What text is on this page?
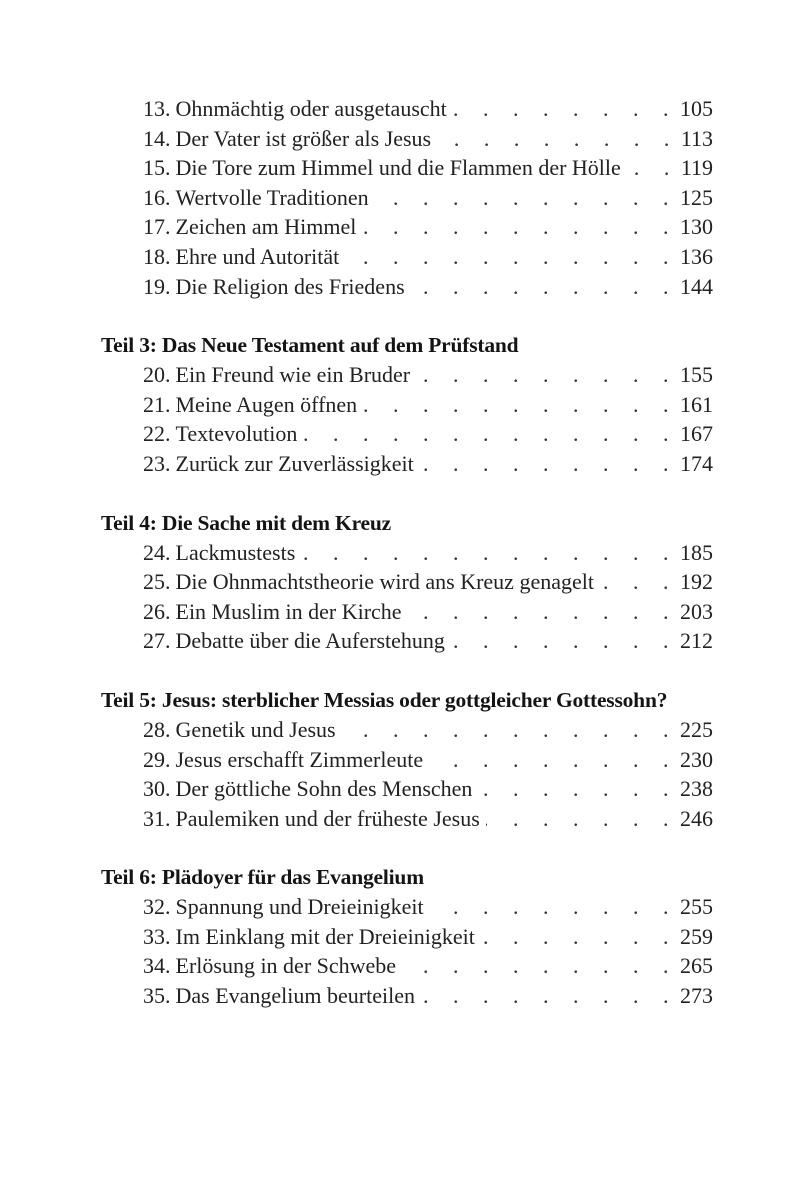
13. Ohnmächtig oder ausgetauscht . . .	105
14. Der Vater ist größer als Jesus . . .	113
15. Die Tore zum Himmel und die Flammen der Hölle . . .	119
16. Wertvolle Traditionen . . .	125
17. Zeichen am Himmel . . .	130
18. Ehre und Autorität . . .	136
19. Die Religion des Friedens . . .	144
Teil 3: Das Neue Testament auf dem Prüfstand
20. Ein Freund wie ein Bruder . . .	155
21. Meine Augen öffnen . . .	161
22. Textevolution . . .	167
23. Zurück zur Zuverlässigkeit . . .	174
Teil 4: Die Sache mit dem Kreuz
24. Lackmustests . . .	185
25. Die Ohnmachtstheorie wird ans Kreuz genagelt . . .	192
26. Ein Muslim in der Kirche . . .	203
27. Debatte über die Auferstehung . . .	212
Teil 5: Jesus: sterblicher Messias oder gottgleicher Gottessohn?
28. Genetik und Jesus . . .	225
29. Jesus erschafft Zimmerleute . . .	230
30. Der göttliche Sohn des Menschen . . .	238
31. Paulemiken und der früheste Jesus . . .	246
Teil 6: Plädoyer für das Evangelium
32. Spannung und Dreieinigkeit . . .	255
33. Im Einklang mit der Dreieinigkeit . . .	259
34. Erlösung in der Schwebe . . .	265
35. Das Evangelium beurteilen . . .	273
